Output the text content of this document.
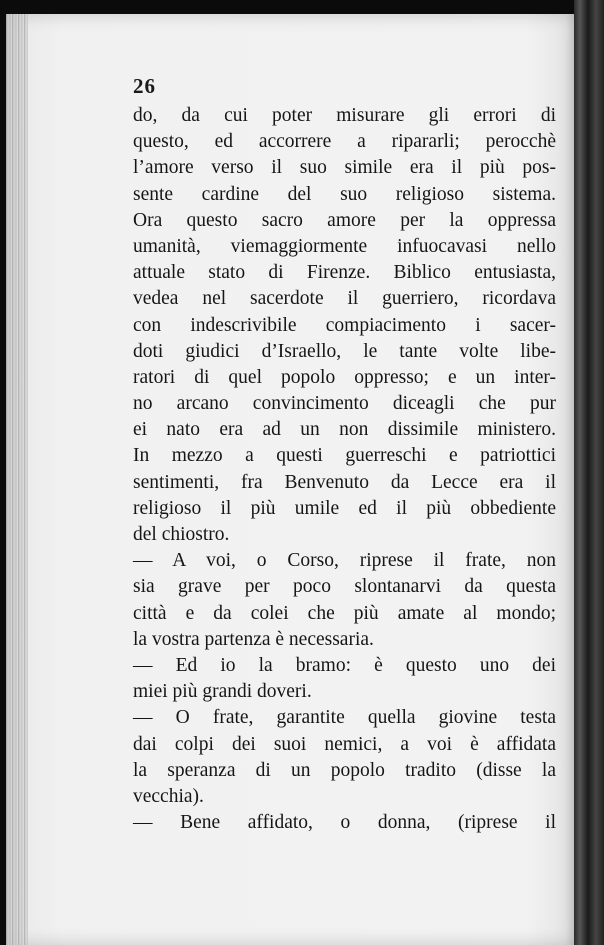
26
do, da cui poter misurare gli errori di
questo, ed accorrere a ripararli; perocchè
l’amore verso il suo simile era il più pos-
sente cardine del suo religioso sistema.
Ora questo sacro amore per la oppressa
umanità, viemaggiormente infuocavasi nello
attuale stato di Firenze. Biblico entusiasta,
vedea nel sacerdote il guerriero, ricordava
con indescrivibile compiacimento i sacer-
doti giudici d’Israello, le tante volte libe-
ratori di quel popolo oppresso; e un inter-
no arcano convincimento diceagli che pur
ei nato era ad un non dissimile ministero.
In mezzo a questi guerreschi e patriottici
sentimenti, fra Benvenuto da Lecce era il
religioso il più umile ed il più obbediente
del chiostro.
— A voi, o Corso, riprese il frate, non
sia grave per poco slontanarvi da questa
città e da colei che più amate al mondo;
la vostra partenza è necessaria.
— Ed io la bramo: è questo uno dei
miei più grandi doveri.
— O frate, garantite quella giovine testa
dai colpi dei suoi nemici, a voi è affidata
la speranza di un popolo tradito (disse la
vecchia).
— Bene affidato, o donna, (riprese il
